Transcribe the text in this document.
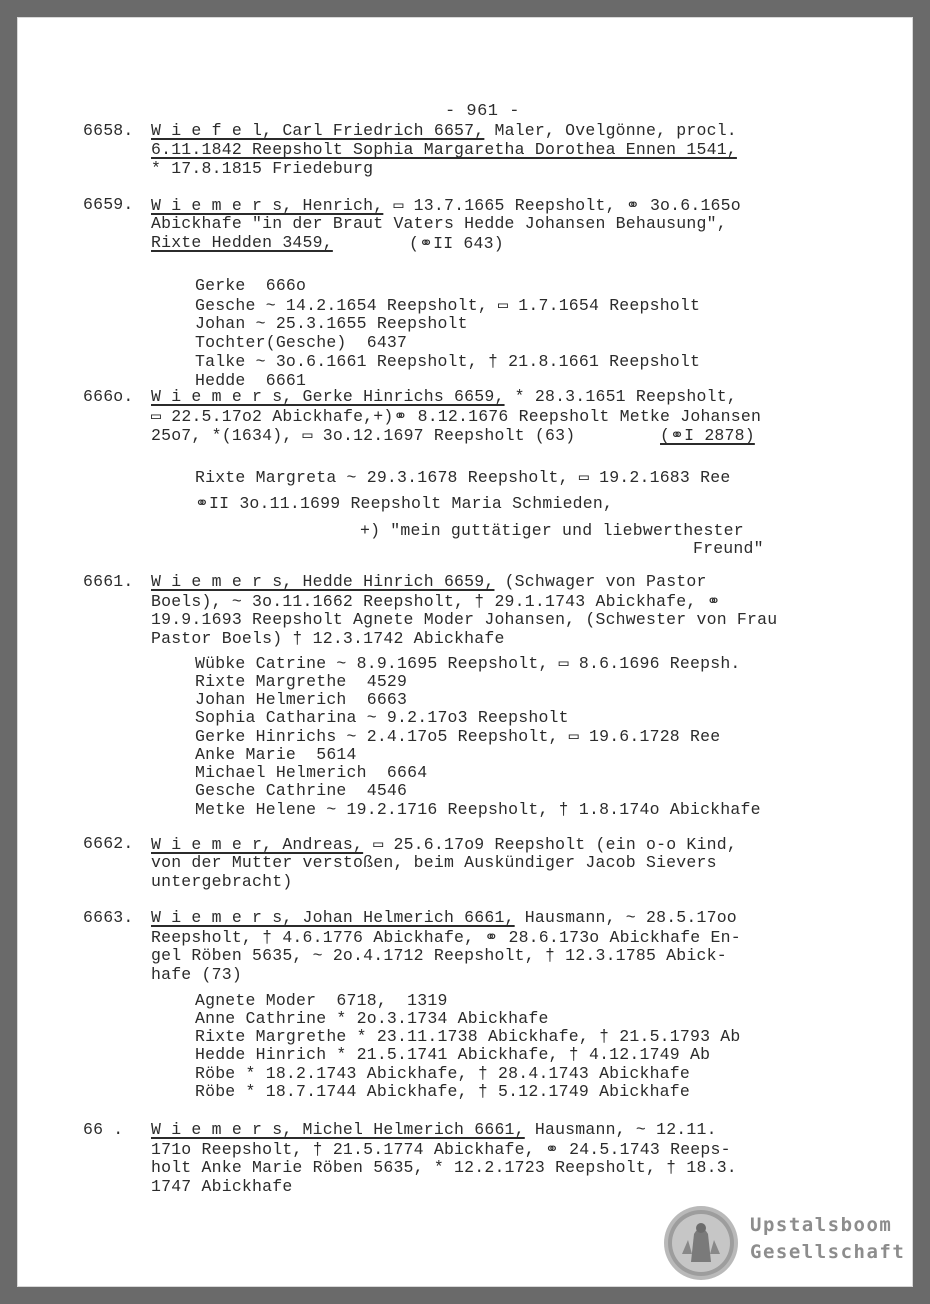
- 961 -
6658. W i e f e l, Carl Friedrich 6657, Maler, Ovelgönne, procl.
6.11.1842 Reepsholt Sophia Margaretha Dorothea Ennen 1541,
* 17.8.1815 Friedeburg
6659. W i e m e r s, Henrich, ▭ 13.7.1665 Reepsholt, ⚭ 3o.6.165o
Abickhafe "in der Braut Vaters Hedde Johansen Behausung",
Rixte Hedden 3459,	(⚭II 643)
Gerke  666o
Gesche ~ 14.2.1654 Reepsholt, ▭ 1.7.1654 Reepsholt
Johan ~ 25.3.1655 Reepsholt
Tochter(Gesche)  6437
Talke ~ 3o.6.1661 Reepsholt, † 21.8.1661 Reepsholt
Hedde  6661
666o. W i e m e r s, Gerke Hinrichs 6659, * 28.3.1651 Reepsholt,
▭ 22.5.17o2 Abickhafe,+)⚭ 8.12.1676 Reepsholt Metke Johansen
25o7, *(1634), ▭ 3o.12.1697 Reepsholt (63)	(⚭I 2878)
Rixte Margreta ~ 29.3.1678 Reepsholt, ▭ 19.2.1683 Ree
⚭II 3o.11.1699 Reepsholt Maria Schmieden,
+) "mein guttätiger und liebwerthester
Freund"
6661. W i e m e r s, Hedde Hinrich 6659, (Schwager von Pastor
Boels), ~ 3o.11.1662 Reepsholt, † 29.1.1743 Abickhafe, ⚭
19.9.1693 Reepsholt Agnete Moder Johansen, (Schwester von Frau
Pastor Boels) † 12.3.1742 Abickhafe
Wübke Catrine ~ 8.9.1695 Reepsholt, ▭ 8.6.1696 Reepsh.
Rixte Margrethe  4529
Johan Helmerich  6663
Sophia Catharina ~ 9.2.17o3 Reepsholt
Gerke Hinrichs ~ 2.4.17o5 Reepsholt, ▭ 19.6.1728 Ree
Anke Marie  5614
Michael Helmerich  6664
Gesche Cathrine  4546
Metke Helene ~ 19.2.1716 Reepsholt, † 1.8.174o Abickhafe
6662. W i e m e r, Andreas, ▭ 25.6.17o9 Reepsholt (ein o-o Kind,
von der Mutter verstoßen, beim Auskündiger Jacob Sievers
untergebracht)
6663. W i e m e r s, Johan Helmerich 6661, Hausmann, ~ 28.5.17oo
Reepsholt, † 4.6.1776 Abickhafe, ⚭ 28.6.173o Abickhafe En-
gel Röben 5635, ~ 2o.4.1712 Reepsholt, † 12.3.1785 Abick-
hafe (73)
Agnete Moder  6718,  1319
Anne Cathrine * 2o.3.1734 Abickhafe
Rixte Margrethe * 23.11.1738 Abickhafe, † 21.5.1793 Ab
Hedde Hinrich * 21.5.1741 Abickhafe, † 4.12.1749 Ab
Röbe * 18.2.1743 Abickhafe, † 28.4.1743 Abickhafe
Röbe * 18.7.1744 Abickhafe, † 5.12.1749 Abickhafe
66 . W i e m e r s, Michel Helmerich 6661, Hausmann, ~ 12.11.
171o Reepsholt, † 21.5.1774 Abickhafe, ⚭ 24.5.1743 Reeps-
holt Anke Marie Röben 5635, * 12.2.1723 Reepsholt, † 18.3.
1747 Abickhafe
Upstalsboom
Gesellschaft
